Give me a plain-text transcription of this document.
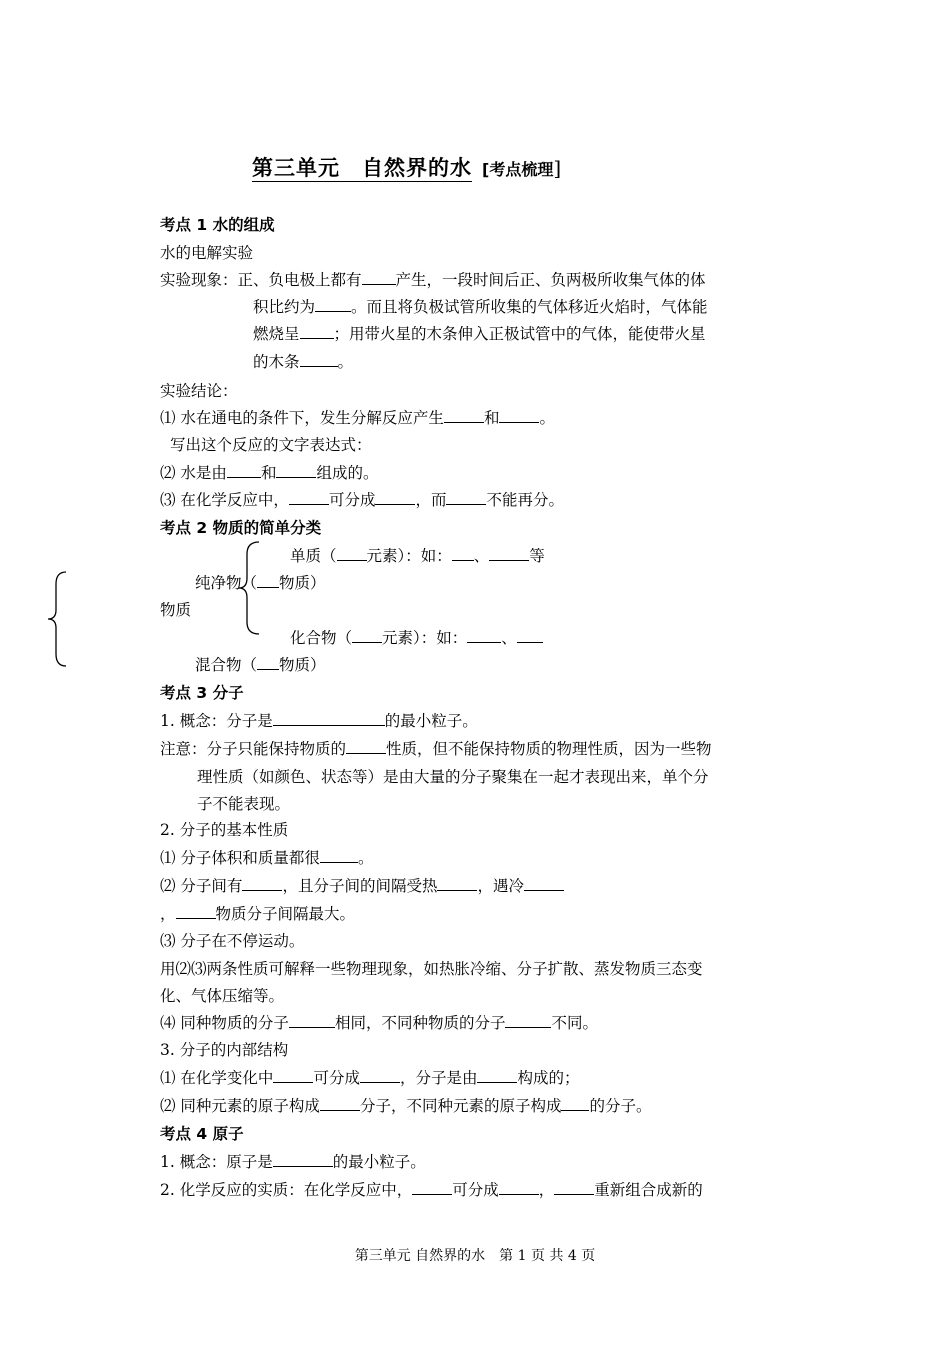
第三单元　自然界的水 [考点梳理]
考点 1 水的组成
水的电解实验
实验现象：正、负电极上都有 产生，一段时间后正、负两极所收集气体的体
积比约为 。而且将负极试管所收集的气体移近火焰时，气体能
燃烧呈 ；用带火星的木条伸入正极试管中的气体，能使带火星
的木条 。
实验结论：
⑴ 水在通电的条件下，发生分解反应产生	和	。
写出这个反应的文字表达式：
⑵ 水是由 和	组成的。
⑶ 在化学反应中，	可分成	，而	不能再分。
考点 2 物质的简单分类
单质（ 元素）：如： 、	等
纯净物（ 物质）
物质
化合物（ 元素）：如： 、
混合物（ 物质）
考点 3 分子
1. 概念：分子是	的最小粒子。
注意：分子只能保持物质的	性质，但不能保持物质的物理性质，因为一些物
理性质（如颜色、状态等）是由大量的分子聚集在一起才表现出来，单个分
子不能表现。
2. 分子的基本性质
⑴ 分子体积和质量都很 。
⑵ 分子间有	，且分子间的间隔受热	，遇冷
，	物质分子间隔最大。
⑶ 分子在不停运动。
用⑵⑶两条性质可解释一些物理现象，如热胀冷缩、分子扩散、蒸发物质三态变
化、气体压缩等。
⑷ 同种物质的分子	相同，不同种物质的分子	不同。
3. 分子的内部结构
⑴ 在化学变化中	可分成	，分子是由	构成的；
⑵ 同种元素的原子构成	分子，不同种元素的原子构成 的分子。
考点 4 原子
1. 概念：原子是	的最小粒子。
2. 化学反应的实质：在化学反应中，	可分成	，	重新组合成新的
第三单元 自然界的水　第 1 页 共 4 页
